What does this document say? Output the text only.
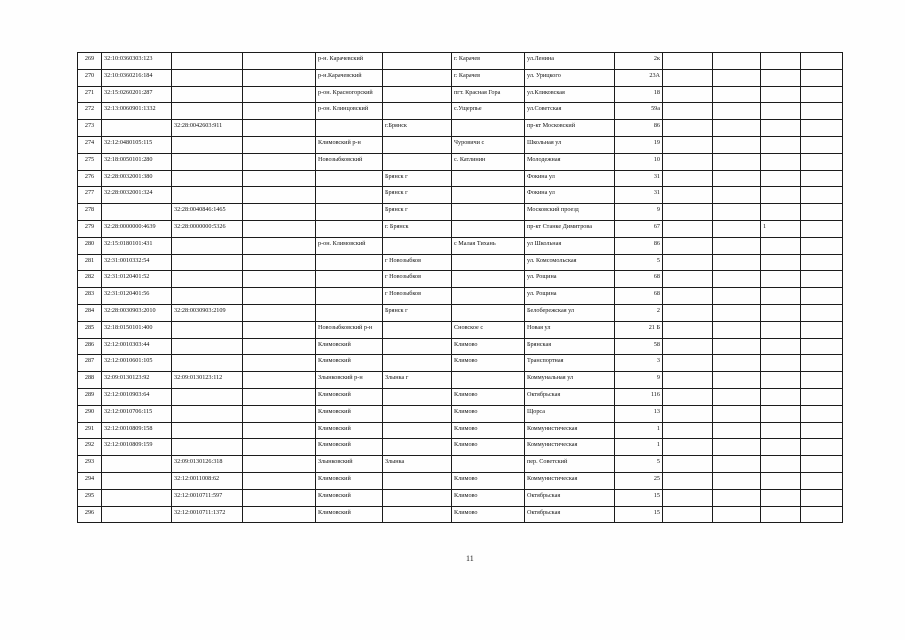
269	32:10:0360303:123			р-н. Карачевский		г. Карачев	ул.Ленина	2к				
270	32:10:0360216:184			р-н.Карачевский		г. Карачев	ул. Урицкого	23А				
271	32:15:0260201:287			р-он. Красногорский		пгт. Красная Гора	ул.Кликовская	18				
272	32:13:0060901:1332			р-он. Клинцовский		с.Ущерпье	ул.Советская	59а				
273		32:28:0042603:911			г.Брянск		пр-кт Московский	86				
274	32:12:0480105:115			Климовский р-н		Чуровичи с	Школьная ул	19				
275	32:18:0050101:280			Новозыбковский		с. Катлинин	Молодежная	10				
276	32:28:0032001:380				Брянск г		Фокина ул	31				
277	32:28:0032001:324				Брянск г		Фокина ул	31				
278		32:28:0040846:1465			Брянск г		Московский проезд	9				
279	32:28:0000000:4639	32:28:0000000:5326			г. Брянск		пр-кт Станке Димитрова	67			1	
280	32:15:0180101:431			р-он. Климовский		с Малая Тихань	ул Школьная	86				
281	32:31:0010332:54				г Новозыбков		ул. Комсомольская	5				
282	32:31:0120401:52				г Новозыбков		ул. Рощина	68				
283	32:31:0120401:56				г Новозыбков		ул. Рощина	68				
284	32:28:0030903:2010	32:28:0030903:2109			Брянск г		Белобережская ул	2				
285	32:18:0150101:400			Новозыбковский р-н		Сновское с	Новая ул	21 Б				
286	32:12:0010303:44			Климовский		Климово	Брянская	58				
287	32:12:0010601:105			Климовский		Климово	Транспортная	3				
288	32:09:0130123:92	32:09:0130123:112		Злынковский р-н	Злынка г		Коммунальная ул	9				
289	32:12:0010903:64			Климовский		Климово	Октябрьская	116				
290	32:12:0010706:115			Климовский		Климово	Щорса	13				
291	32:12:0010809:158			Климовский		Климово	Коммунистическая	1				
292	32:12:0010809:159			Климовский		Климово	Коммунистическая	1				
293		32:09:0130126:318		Злынковский	Злынка		пер. Советский	5				
294		32:12:0011008:62		Климовский		Климово	Коммунистическая	25				
295		32:12:0010711:597		Климовский		Климово	Октябрьская	15				
296		32:12:0010711:1372		Климовский		Климово	Октябрьская	15				
11
